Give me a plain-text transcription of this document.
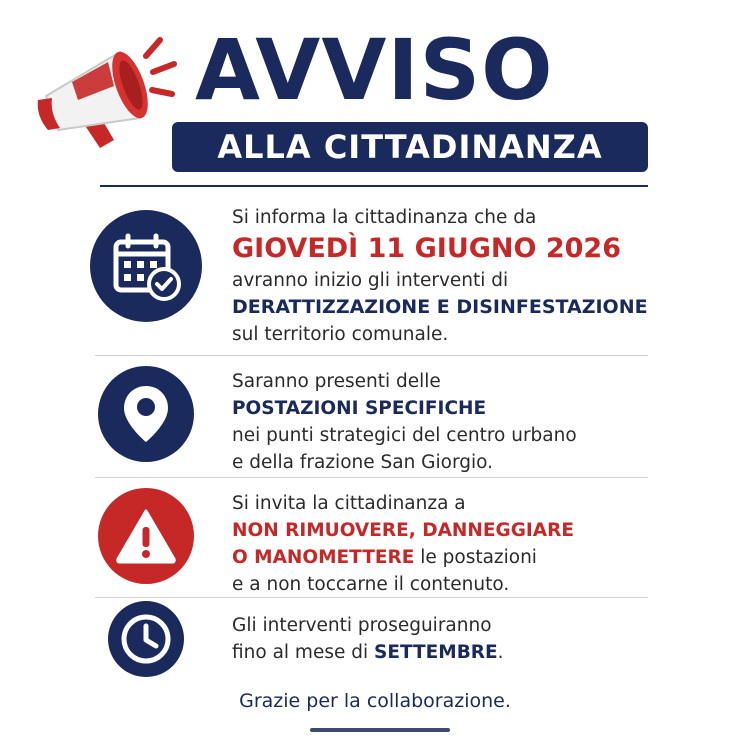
AVVISO
ALLA CITTADINANZA
Si informa la cittadinanza che da
GIOVEDÌ 11 GIUGNO 2026
avranno inizio gli interventi di
DERATTIZZAZIONE E DISINFESTAZIONE
sul territorio comunale.
Saranno presenti delle
POSTAZIONI SPECIFICHE
nei punti strategici del centro urbano
e della frazione San Giorgio.
Si invita la cittadinanza a
NON RIMUOVERE, DANNEGGIARE
O MANOMETTERE le postazioni
e a non toccarne il contenuto.
Gli interventi proseguiranno
fino al mese di SETTEMBRE.
Grazie per la collaborazione.
